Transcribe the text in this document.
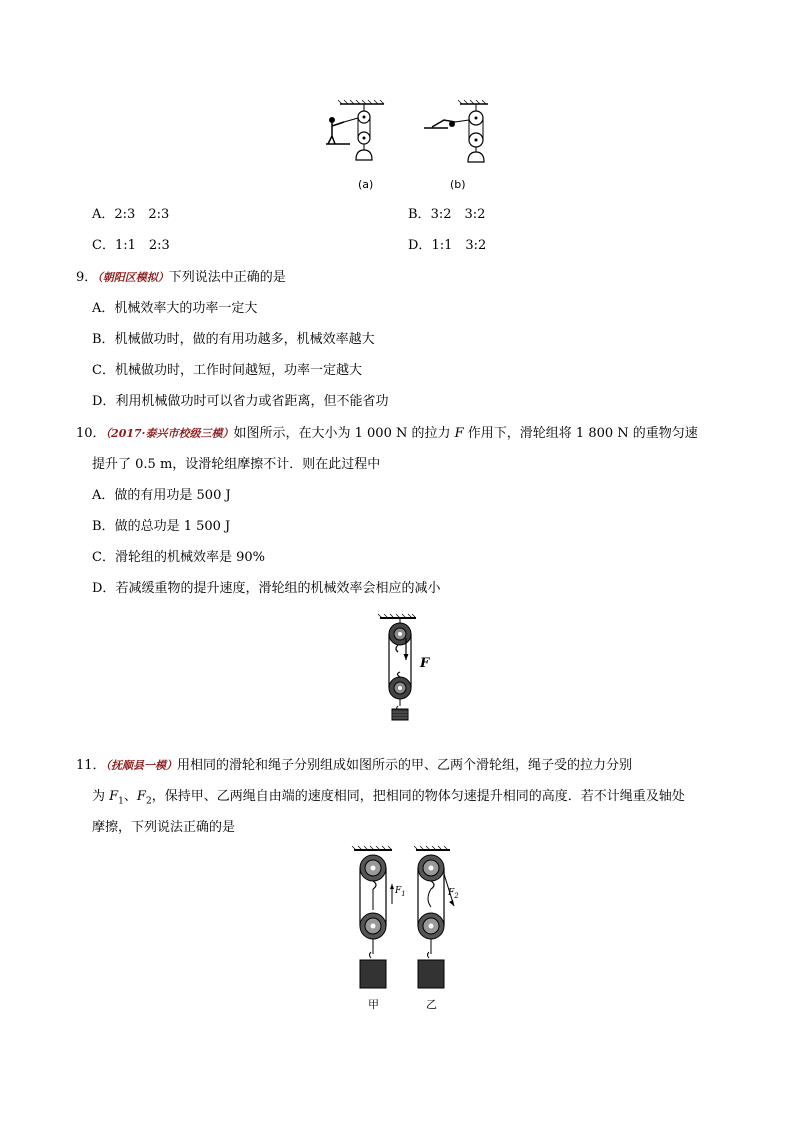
(a)	(b)
A．2:3　2:3	B．3:2　3:2
C．1:1　2:3	D．1:1　3:2
9．（朝阳区模拟）下列说法中正确的是
A．机械效率大的功率一定大
B．机械做功时，做的有用功越多，机械效率越大
C．机械做功时，工作时间越短，功率一定越大
D．利用机械做功时可以省力或省距离，但不能省功
10．（2017·泰兴市校级三模）如图所示，在大小为 1 000 N 的拉力 F 作用下，滑轮组将 1 800 N 的重物匀速
提升了 0.5 m，设滑轮组摩擦不计．则在此过程中
A．做的有用功是 500 J
B．做的总功是 1 500 J
C．滑轮组的机械效率是 90%
D．若减缓重物的提升速度，滑轮组的机械效率会相应的减小
F
11．（抚顺县一模）用相同的滑轮和绳子分别组成如图所示的甲、乙两个滑轮组，绳子受的拉力分别
为 $F_1$、$F_2$，保持甲、乙两绳自由端的速度相同，把相同的物体匀速提升相同的高度．若不计绳重及轴处
摩擦，下列说法正确的是
$F_1$	$F_2$
甲	乙
